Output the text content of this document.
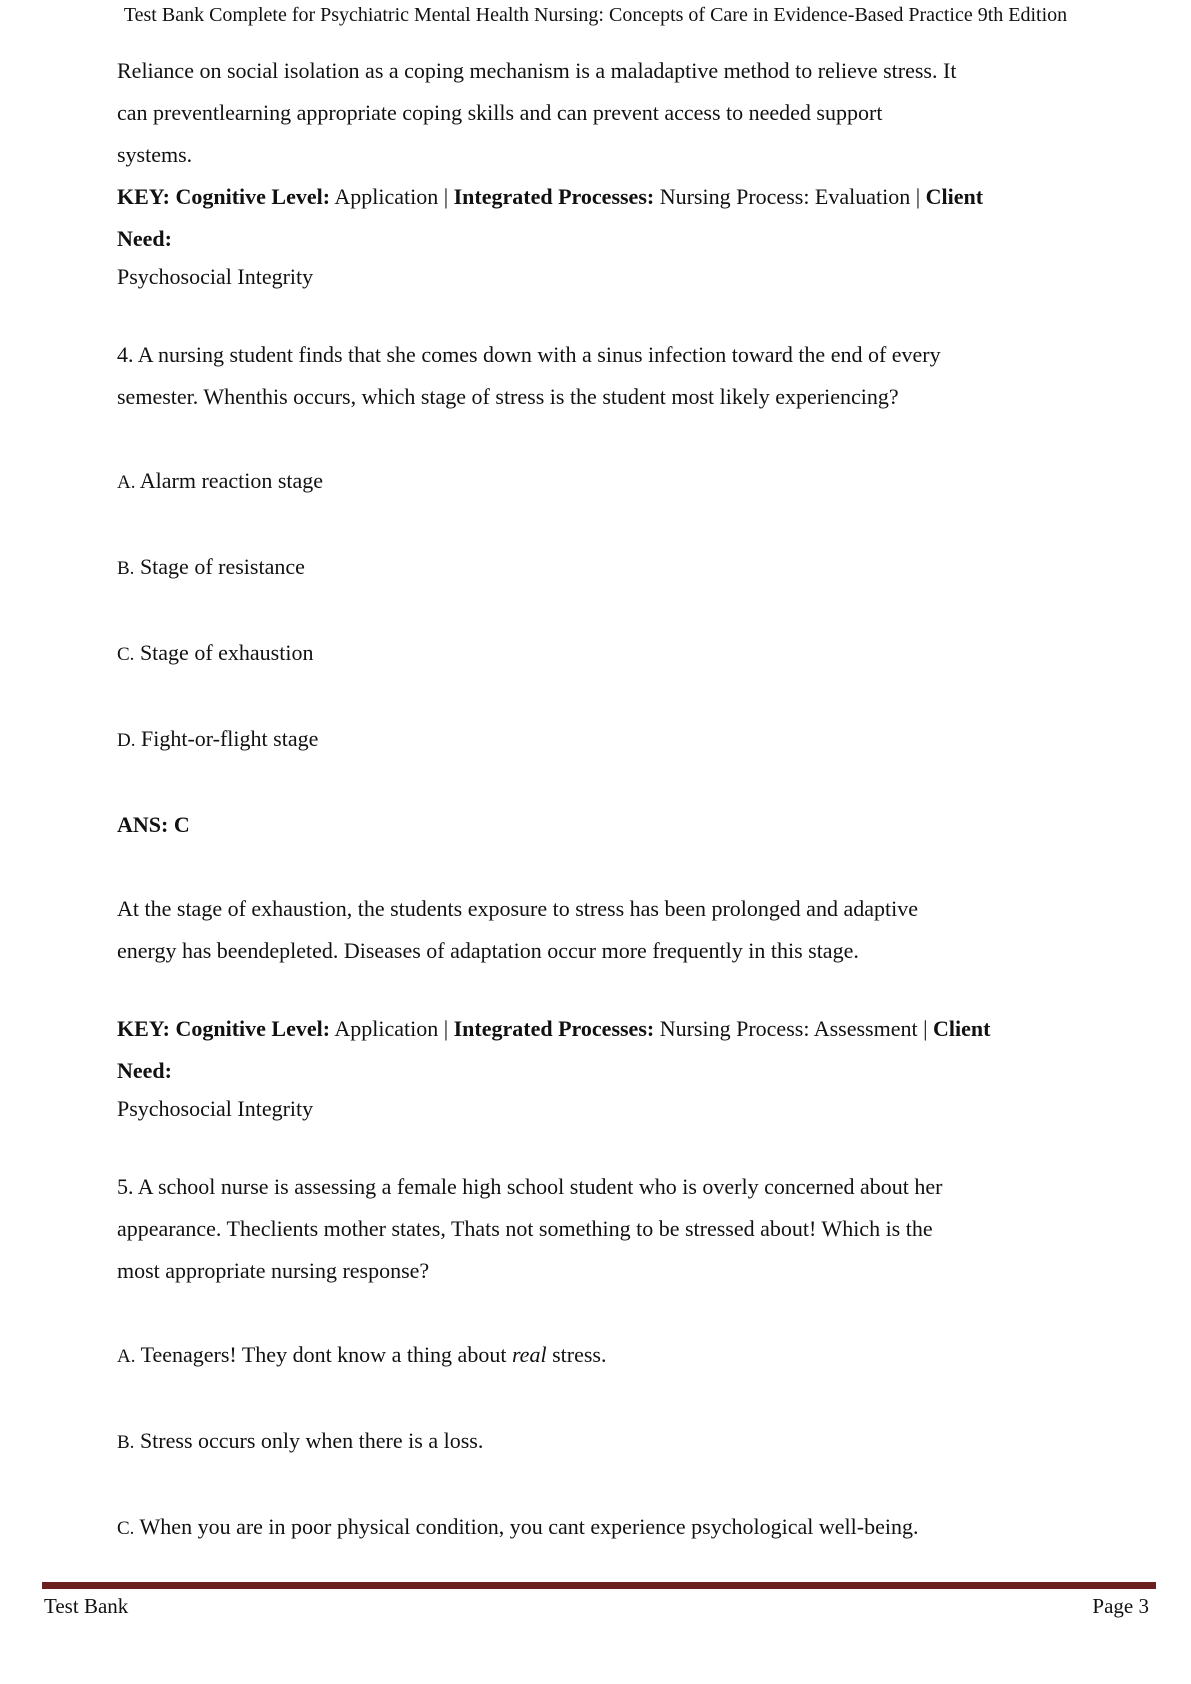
Test Bank Complete for Psychiatric Mental Health Nursing: Concepts of Care in Evidence-Based Practice 9th Edition

Reliance on social isolation as a coping mechanism is a maladaptive method to relieve stress. It

can preventlearning appropriate coping skills and can prevent access to needed support

systems.

KEY: Cognitive Level: Application | Integrated Processes: Nursing Process: Evaluation | Client

Need:

Psychosocial Integrity

4. A nursing student finds that she comes down with a sinus infection toward the end of every

semester. Whenthis occurs, which stage of stress is the student most likely experiencing?

A. Alarm reaction stage

B. Stage of resistance

C. Stage of exhaustion

D. Fight-or-flight stage

ANS: C

At the stage of exhaustion, the students exposure to stress has been prolonged and adaptive

energy has beendepleted. Diseases of adaptation occur more frequently in this stage.

KEY: Cognitive Level: Application | Integrated Processes: Nursing Process: Assessment | Client

Need:

Psychosocial Integrity

5. A school nurse is assessing a female high school student who is overly concerned about her

appearance. Theclients mother states, Thats not something to be stressed about! Which is the

most appropriate nursing response?

A. Teenagers! They dont know a thing about real stress.

B. Stress occurs only when there is a loss.

C. When you are in poor physical condition, you cant experience psychological well-being.

Test Bank	Page 3
